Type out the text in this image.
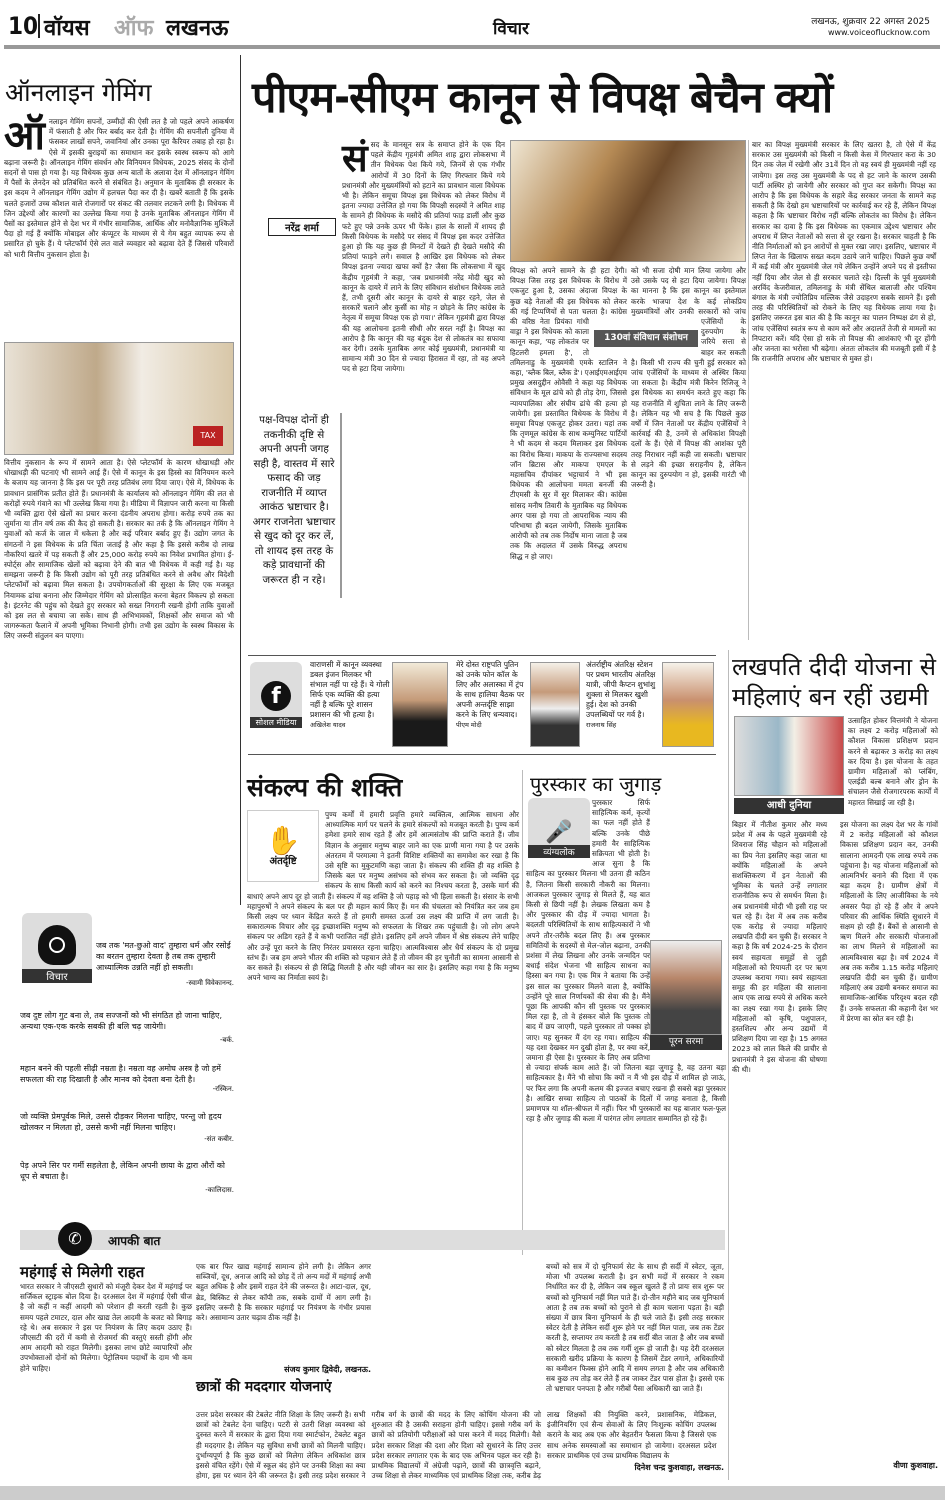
10 वॉयस ऑफ लखनऊ	विचार	लखनऊ, शुक्रवार 22 अगस्त 2025
www.voiceoflucknow.com
ऑनलाइन गेमिंग
ऑ नलाइन गेमिंग सपनों, उम्मीदों की ऐसी लत है जो पहले अपने आकर्षण में फंसाती है और फिर बर्बाद कर देती है। गेमिंग की सपनीली दुनिया में फंसकर लाखों सपने, जवानियां और उनका पूरा कैरियर तबाह हो रहा है। ऐसे में इसकी बुराइयों का समाधान कर इसके स्वस्थ स्वरूप को आगे बढ़ाना जरूरी है। ऑनलाइन गेमिंग संवर्धन और विनियमन विधेयक, 2025 संसद के दोनों सदनों से पास हो गया है। यह विधेयक कुछ अन्य बातों के अलावा देश में ऑनलाइन गेमिंग में पैसों के लेनदेन को प्रतिबंधित करने से संबंधित है। अनुमान के मुताबिक ही सरकार के इस कदम ने ऑनलाइन गेमिंग उद्योग में हलचल पैदा कर दी है। खबरें बताती हैं कि इसके चलते हजारों उच्च कौशल वाले रोजगारों पर संकट की तलवार लटकने लगी है। विधेयक में जिन उद्देश्यों और कारणों का उल्लेख किया गया है उनके मुताबिक ऑनलाइन गेमिंग में पैसों का इस्तेमाल होने से देश भर में गंभीर सामाजिक, आर्थिक और मनोवैज्ञानिक मुश्किलें पैदा हो गई हैं क्योंकि मोबाइल और कंप्यूटर के माध्यम से ये गेम बहुत व्यापक रूप से प्रसारित हो चुके हैं। ये प्लेटफॉर्म ऐसे लत वाले व्यवहार को बढ़ावा देते हैं जिससे परिवारों को भारी वित्तीय नुकसान होता है।
TAX
वित्तीय नुकसान के रूप में सामने आता है। ऐसे प्लेटफॉर्म के कारण धोखाधड़ी और धोखाधड़ी की घटनाएं भी सामने आई हैं। ऐसे में कानून के इस हिस्से का विनियमन करने के बजाय यह जानना है कि इस पर पूरी तरह प्रतिबंध लगा दिया जाए। ऐसे में, विधेयक के प्रावधान प्रासंगिक प्रतीत होते हैं। प्रधानमंत्री के कार्यालय को ऑनलाइन गेमिंग की लत से करोड़ों रुपये गंवाने का भी उल्लेख किया गया है। मीडिया में विज्ञापन जारी करना या किसी भी व्यक्ति द्वारा ऐसे खेलों का प्रचार करना दंडनीय अपराध होगा। करोड़ रुपये तक का जुर्माना या तीन वर्ष तक की कैद हो सकती है। सरकार का तर्क है कि ऑनलाइन गेमिंग ने युवाओं को कर्ज के जाल में धकेला है और कई परिवार बर्बाद हुए हैं। उद्योग जगत के संगठनों ने इस विधेयक के प्रति चिंता जताई है और कहा है कि इससे करीब दो लाख नौकरियां खतरे में पड़ सकती हैं और 25,000 करोड़ रुपये का निवेश प्रभावित होगा। ई-स्पोर्ट्स और सामाजिक खेलों को बढ़ावा देने की बात भी विधेयक में कही गई है। यह समझना जरूरी है कि किसी उद्योग को पूरी तरह प्रतिबंधित करने से अवैध और विदेशी प्लेटफॉर्मों को बढ़ावा मिल सकता है। उपयोगकर्ताओं की सुरक्षा के लिए एक मजबूत नियामक ढांचा बनाना और जिम्मेदार गेमिंग को प्रोत्साहित करना बेहतर विकल्प हो सकता है। इंटरनेट की पहुंच को देखते हुए सरकार को सख्त निगरानी रखनी होगी ताकि युवाओं को इस लत से बचाया जा सके। साथ ही अभिभावकों, शिक्षकों और समाज को भी जागरूकता फैलाने में अपनी भूमिका निभानी होगी। तभी इस उद्योग के स्वस्थ विकास के लिए जरूरी संतुलन बन पाएगा।
पीएम-सीएम कानून से विपक्ष बेचैन क्यों
नरेंद्र शर्मा
सं सद के मानसून सत्र के समाप्त होने के एक दिन पहले केंद्रीय गृहमंत्री अमित शाह द्वारा लोकसभा में तीन विधेयक पेश किये गये, जिनमें से एक गंभीर आरोपों में 30 दिनों के लिए गिरफ्तार किये गये प्रधानमंत्री और मुख्यमंत्रियों को हटाने का प्रावधान वाला विधेयक भी है। लेकिन समूचा विपक्ष इस विधेयक को लेकर विरोध में इतना ज्यादा उत्तेजित हो गया कि विपक्षी सदस्यों ने अमित शाह के सामने ही विधेयक के मसौदे की प्रतियां फाड़ डालीं और कुछ फटे हुए पन्ने उनके ऊपर भी फेंके। हाल के सालों में शायद ही किसी विधेयक के मसौदे पर संसद में विपक्ष इस कदर उत्तेजित हुआ हो कि यह कुछ ही मिनटों में देखते ही देखते मसौदे की प्रतियां फाड़ने लगे। सवाल है आखिर इस विधेयक को लेकर विपक्ष इतना ज्यादा खफा क्यों है? जैसा कि लोकसभा में खुद केंद्रीय गृहमंत्री ने कहा, 'जब प्रधानमंत्री नरेंद्र मोदी खुद को कानून के दायरे में लाने के लिए संविधान संशोधन विधेयक लाते हैं, तभी दूसरी ओर कानून के दायरे से बाहर रहने, जेल से सरकारें चलाने और कुर्सी का मोह न छोड़ने के लिए कांग्रेस के नेतृत्व में समूचा विपक्ष एक हो गया।' लेकिन गृहमंत्री द्वारा विपक्ष की यह आलोचना इतनी सीधी और सरल नहीं है। विपक्ष का आरोप है कि कानून की यह बंदूक देश से लोकतंत्र का सफाया कर देगी। उसके मुताबिक अगर कोई मुख्यमंत्री, प्रधानमंत्री या सामान्य मंत्री 30 दिन से ज्यादा हिरासत में रहा, तो वह अपने पद से हटा दिया जायेगा।
पक्ष-विपक्ष दोनों ही तकनीकी दृष्टि से अपनी अपनी जगह सही है, वास्तव में सारे फसाद की जड़ राजनीति में व्याप्त आकंठ भ्रष्टाचार है। अगर राजनेता भ्रष्टाचार से खुद को दूर कर लें, तो शायद इस तरह के कड़े प्रावधानों की जरूरत ही न रहे।
विपक्ष को अपने सामने के ही हटा देगी। विपक्ष जिस तरह इस विधेयक के विरोध में एकजुट हुआ है, उसका अंदाजा विपक्ष के कुछ बड़े नेताओं की इस विधेयक को लेकर की गई टिप्पणियों से पता चलता है। कांग्रेस की वरिष्ठ नेता प्रियंका गांधी वाड्रा ने इस विधेयक को काला कानून कहा, 'यह लोकतंत्र पर हिटलरी हमला है', तो तमिलनाडु के मुख्यमंत्री एमके स्टालिन ने कहा, 'ब्लैक बिल, ब्लैक डे'। एआईएमआईएम प्रमुख असदुद्दीन ओवैसी ने कहा यह विधेयक संविधान के मूल ढांचे को ही तोड़ देगा, जिससे न्यायपालिका और संघीय ढांचे की हत्या हो जायेगी। इस प्रस्तावित विधेयक के विरोध में समूचा विपक्ष एकजुट होकर उतरा। यहां तक कि तृणमूल कांग्रेस के साथ कम्युनिस्ट पार्टियों ने भी कदम से कदम मिलाकर इस विधेयक का विरोध किया। माकपा के राज्यसभा सदस्य जॉन ब्रिटास और माकपा एमएल के महासचिव दीपांकर भट्टाचार्य ने भी इस विधेयक की आलोचना ममता बनर्जी की टीएमसी के सुर में सुर मिलाकर की। कांग्रेस सांसद मनीष तिवारी के मुताबिक यह विधेयक अगर पास हो गया तो आपराधिक न्याय की परिभाषा ही बदल जायेगी, जिसके मुताबिक आरोपी को तब तक निर्दोष माना जाता है जब तक कि अदालत में उसके विरुद्ध अपराध सिद्ध न हो जाए।
130वां संविधान संशोधन
को भी सजा दोषी मान लिया जायेगा और उसे उसके पद से हटा दिया जायेगा। विपक्ष का मानना है कि इस कानून का इस्तेमाल करके भाजपा देश के कई लोकप्रिय मुख्यमंत्रियों और उनकी सरकारों को जांच एजेंसियों के दुरुपयोग के जरिये सत्ता से बाहर कर सकती है। किसी भी राज्य की चुनी हुई सरकार को जांच एजेंसियों के माध्यम से अस्थिर किया जा सकता है। केंद्रीय मंत्री किरेन रिजिजू ने इस विधेयक का समर्थन करते हुए कहा कि यह राजनीति में शुचिता लाने के लिए जरूरी है। लेकिन यह भी सच है कि पिछले कुछ वर्षों में जिन नेताओं पर केंद्रीय एजेंसियों ने कार्रवाई की है, उनमें से अधिकांश विपक्षी दलों के हैं। ऐसे में विपक्ष की आशंका पूरी तरह निराधार नहीं कही जा सकती। भ्रष्टाचार से लड़ने की इच्छा सराहनीय है, लेकिन कानून का दुरुपयोग न हो, इसकी गारंटी भी जरूरी है।
बार का विपक्ष मुख्यमंत्री सरकार के लिए खतरा है, तो ऐसे में केंद्र सरकार उस मुख्यमंत्री को किसी न किसी केस में गिरफ्तार करा के 30 दिन तक जेल में रखेगी और 31वें दिन तो वह स्वयं ही मुख्यमंत्री नहीं रह जायेगा। इस तरह उस मुख्यमंत्री के पद से हट जाने के कारण उसकी पार्टी अस्थिर हो जायेगी और सरकार को गुप्त कर सकेगी। विपक्ष का आरोप है कि इस विधेयक के सहारे केंद्र सरकार जनता के सामने कह सकती है कि देखो हम भ्रष्टाचारियों पर कार्रवाई कर रहे हैं, लेकिन विपक्ष कहता है कि भ्रष्टाचार विरोध नहीं बल्कि लोकतंत्र का विरोध है। लेकिन सरकार का दावा है कि इस विधेयक का एकमात्र उद्देश्य भ्रष्टाचार और अपराध में लिप्त नेताओं को सत्ता से दूर रखना है। सरकार चाहती है कि नीति निर्माताओं को इन आरोपों से मुक्त रखा जाए। इसलिए, भ्रष्टाचार में लिप्त नेता के खिलाफ सख्त कदम उठाये जाने चाहिए। पिछले कुछ वर्षों में कई मंत्री और मुख्यमंत्री जेल गये लेकिन उन्होंने अपने पद से इस्तीफा नहीं दिया और जेल से ही सरकार चलाते रहे। दिल्ली के पूर्व मुख्यमंत्री अरविंद केजरीवाल, तमिलनाडु के मंत्री सेंथिल बालाजी और पश्चिम बंगाल के मंत्री ज्योतिप्रिय मल्लिक जैसे उदाहरण सबके सामने हैं। इसी तरह की परिस्थितियों को रोकने के लिए यह विधेयक लाया गया है। इसलिए जरूरत इस बात की है कि कानून का पालन निष्पक्ष ढंग से हो, जांच एजेंसियां स्वतंत्र रूप से काम करें और अदालतें तेजी से मामलों का निपटारा करें। यदि ऐसा हो सके तो विपक्ष की आशंकाएं भी दूर होंगी और जनता का भरोसा भी बढ़ेगा। अंततः लोकतंत्र की मजबूती इसी में है कि राजनीति अपराध और भ्रष्टाचार से मुक्त हो।
f
सोशल मीडिया
वाराणसी में कानून व्यवस्था डबल इंजन मिलकर भी संभाल नहीं पा रहे हैं। ये गोली सिर्फ एक व्यक्ति की हत्या नहीं है बल्कि पूरे शासन प्रशासन की भी हत्या है। अखिलेश यादव
मेरे दोस्त राष्ट्रपति पुतिन को उनके फोन कॉल के लिए और अलास्का में ट्रंप के साथ हालिया बैठक पर अपनी अन्तर्दृष्टि साझा करने के लिए धन्यवाद। पीएम मोदी
अंतर्राष्ट्रीय अंतरिक्ष स्टेशन पर प्रथम भारतीय अंतरिक्ष यात्री, जीपी कैप्टन शुभांशु शुक्ला से मिलकर खुशी हुई। देश को उनकी उपलब्धियों पर गर्व है। राजनाथ सिंह
लखपति दीदी योजना से
महिलाएं बन रहीं उद्यमी
आधी दुनिया
उत्साहित होकर वित्तमंत्री ने योजना का लक्ष्य 2 करोड़ महिलाओं को कौशल विकास प्रशिक्षण प्रदान करने से बढ़ाकर 3 करोड़ का लक्ष्य कर दिया है। इस योजना के तहत ग्रामीण महिलाओं को प्लंबिंग, एलईडी बल्ब बनाने और ड्रोन के संचालन जैसे रोजगारपरक कार्यों में महारत सिखाई जा रही है।
बिहार में नीतीश कुमार और मध्य प्रदेश में अब के पहले मुख्यमंत्री रहे शिवराज सिंह चौहान को महिलाओं का प्रिय नेता इसलिए कहा जाता था क्योंकि महिलाओं के अपने सशक्तिकरण में इन नेताओं की भूमिका के चलते उन्हें लगातार राजनीतिक रूप से समर्थन मिला है। अब प्रधानमंत्री मोदी भी इसी राह पर चल रहे हैं। देश में अब तक करीब एक करोड़ से ज्यादा महिलाएं लखपति दीदी बन चुकी हैं। सरकार ने कहा है कि वर्ष 2024-25 के दौरान स्वयं सहायता समूहों से जुड़ी महिलाओं को रियायती दर पर ऋण उपलब्ध कराया गया। स्वयं सहायता समूह की हर महिला की सालाना आय एक लाख रुपये से अधिक करने का लक्ष्य रखा गया है। इसके लिए महिलाओं को कृषि, पशुपालन, हस्तशिल्प और अन्य उद्यमों में प्रशिक्षण दिया जा रहा है। 15 अगस्त 2023 को लाल किले की प्राचीर से प्रधानमंत्री ने इस योजना की घोषणा की थी।
इस योजना का लक्ष्य देश भर के गांवों में 2 करोड़ महिलाओं को कौशल विकास प्रशिक्षण प्रदान कर, उनकी सालाना आमदनी एक लाख रुपये तक पहुंचाना है। यह योजना महिलाओं को आत्मनिर्भर बनाने की दिशा में एक बड़ा कदम है। ग्रामीण क्षेत्रों में महिलाओं के लिए आजीविका के नये अवसर पैदा हो रहे हैं और वे अपने परिवार की आर्थिक स्थिति सुधारने में सक्षम हो रही हैं। बैंकों से आसानी से ऋण मिलने और सरकारी योजनाओं का लाभ मिलने से महिलाओं का आत्मविश्वास बढ़ा है। वर्ष 2024 में अब तक करीब 1.15 करोड़ महिलाएं लखपति दीदी बन चुकी हैं। ग्रामीण महिलाएं अब उद्यमी बनकर समाज का सामाजिक-आर्थिक परिदृश्य बदल रही हैं। उनके सफलता की कहानी देश भर में प्रेरणा का स्रोत बन रही है।
वीणा कुशवाहा.
संकल्प की शक्ति
✋
अंतर्दृष्टि
पुण्य कर्मों में हमारी प्रवृत्ति हमारे व्यक्तित्व, आत्मिक साधना और आध्यात्मिक मार्ग पर चलने के हमारे संकल्पों को मजबूत करती है। पुण्य कर्म हमेशा हमारे साथ रहते हैं और हमें आत्मसंतोष की प्राप्ति कराते हैं। जीव विज्ञान के अनुसार मनुष्य बाहर जाने का एक प्राणी माना गया है पर उसके अंतरतम में परमात्मा ने इतनी विशिष्ट शक्तियों का समावेश कर रखा है कि उसे सृष्टि का मुकुटमणि कहा जाता है। संकल्प की शक्ति ही वह शक्ति है जिसके बल पर मनुष्य असंभव को संभव कर सकता है। जो व्यक्ति दृढ़ संकल्प के साथ किसी कार्य को करने का निश्चय करता है, उसके मार्ग की बाधाएं अपने आप दूर हो जाती हैं। संकल्प में वह शक्ति है जो पहाड़ को भी हिला सकती है। संसार के सभी महापुरुषों ने अपने संकल्प के बल पर ही महान कार्य किए हैं। मन की चंचलता को नियंत्रित कर जब हम किसी लक्ष्य पर ध्यान केंद्रित करते हैं तो हमारी समस्त ऊर्जा उस लक्ष्य की प्राप्ति में लग जाती है। सकारात्मक विचार और दृढ़ इच्छाशक्ति मनुष्य को सफलता के शिखर तक पहुंचाती है। जो लोग अपने संकल्प पर अडिग रहते हैं वे कभी पराजित नहीं होते। इसलिए हमें अपने जीवन में श्रेष्ठ संकल्प लेने चाहिए और उन्हें पूरा करने के लिए निरंतर प्रयासरत रहना चाहिए। आत्मविश्वास और धैर्य संकल्प के दो प्रमुख स्तंभ हैं। जब हम अपने भीतर की शक्ति को पहचान लेते हैं तो जीवन की हर चुनौती का सामना आसानी से कर सकते हैं। संकल्प से ही सिद्धि मिलती है और यही जीवन का सार है। इसलिए कहा गया है कि मनुष्य अपने भाग्य का निर्माता स्वयं है।
पुरस्कार का जुगाड़
🎤
व्यंग्यलोक
पुरस्कार सिर्फ साहित्यिक कर्म, कृत्यों का फल नहीं होते हैं बल्कि उनके पीछे हमारी वैर साहित्यिक सक्रियता भी होती है। आज सुना है कि साहित्य का पुरस्कार मिलना भी उतना ही कठिन है, जितना किसी सरकारी नौकरी का मिलना। आजकल पुरस्कार जुगाड़ से मिलते हैं, यह बात किसी से छिपी नहीं है। लेखक लिखता कम है और पुरस्कार की दौड़ में ज्यादा भागता है। बदलती परिस्थितियों के साथ साहित्यकारों ने भी अपने तौर-तरीके बदल लिए हैं। अब पुरस्कार समितियों के सदस्यों से मेल-जोल बढ़ाना, उनकी प्रशंसा में लेख लिखना और उनके जन्मदिन पर बधाई संदेश भेजना भी साहित्य साधना का हिस्सा बन गया है। एक मित्र ने बताया कि उन्हें इस साल का पुरस्कार मिलने वाला है, क्योंकि उन्होंने पूरे साल निर्णायकों की सेवा की है। मैंने पूछा कि आपकी कौन सी पुस्तक पर पुरस्कार मिल रहा है, तो वे हंसकर बोले कि पुस्तक तो बाद में छप जाएगी, पहले पुरस्कार तो पक्का हो जाए। यह सुनकर मैं दंग रह गया। साहित्य की यह दशा देखकर मन दुखी होता है, पर क्या करें, जमाना ही ऐसा है। पुरस्कार के लिए अब प्रतिभा से ज्यादा संपर्क काम आते हैं। जो जितना बड़ा जुगाड़ू है, वह उतना बड़ा साहित्यकार है। मैंने भी सोचा कि क्यों न मैं भी इस दौड़ में शामिल हो जाऊं, पर फिर लगा कि अपनी कलम की इज्जत बचाए रखना ही सबसे बड़ा पुरस्कार है। आखिर सच्चा साहित्य तो पाठकों के दिलों में जगह बनाता है, किसी प्रमाणपत्र या शॉल-श्रीफल में नहीं। फिर भी पुरस्कारों का यह बाजार फल-फूल रहा है और जुगाड़ की कला में पारंगत लोग लगातार सम्मानित हो रहे हैं।
पूरन सरमा
विचार
जब तक 'मत-छुओ वाद' तुम्हारा धर्म और रसोई का बरतन तुम्हारा देवता है तब तक तुम्हारी आध्यात्मिक उन्नति नहीं हो सकती।
-स्वामी विवेकानन्द.
जब दुष्ट लोग गुट बना ले, तब सज्जनों को भी संगठित हो जाना चाहिए, अन्यथा एक-एक करके सबकी ही बलि चढ़ जायेगी।
-बर्क.
महान बनने की पहली सीढ़ी नम्रता है। नम्रता वह अमोघ अस्त्र है जो हमें सफलता की राह दिखाती है और मानव को देवता बना देती है।
-रस्किन.
जो व्यक्ति प्रेमपूर्वक मिले, उससे दौड़कर मिलना चाहिए, परन्तु जो हृदय खोलकर न मिलता हो, उससे कभी नहीं मिलना चाहिए।
-संत कबीर.
पेड़ अपने सिर पर गर्मी सहलेता है, लेकिन अपनी छाया के द्वारा औरों को धूप से बचाता है।
-कालिदास.
✆	आपकी बात
महंगाई से मिलेगी राहत
भारत सरकार ने जीएसटी सुधारों को मंजूरी देकर देश में महंगाई पर सर्जिकल स्ट्राइक बोल दिया है। दरअसल देश में महंगाई ऐसी चीज है जो कहीं न कहीं आदमी को परेशान ही करती रहती है। कुछ समय पहले टमाटर, दाल और खाद्य तेल आदमी के बजट को बिगाड़ रहे थे। अब सरकार ने इस पर नियंत्रण के लिए कदम उठाए हैं। जीएसटी की दरों में कमी से रोजमर्रा की वस्तुएं सस्ती होंगी और आम आदमी को राहत मिलेगी। इसका लाभ छोटे व्यापारियों और उपभोक्ताओं दोनों को मिलेगा। पेट्रोलियम पदार्थों के दाम भी कम होने चाहिए।
एक बार फिर खाद्य महंगाई सामान्य होने लगी है। लेकिन अगर सब्जियों, दूध, अनाज आदि को छोड़ दें तो अन्य मदों में महंगाई अभी बहुत अधिक है और इसमें राहत देने की जरूरत है। आटा-दाल, दूध, ब्रेड, बिस्किट से लेकर कॉपी तक, सबके दामों में आग लगी है। इसलिए जरूरी है कि सरकार महंगाई पर नियंत्रण के गंभीर प्रयास करे। असामान्य उतार चढ़ाव ठीक नहीं है।
संजय कुमार द्विवेदी, लखनऊ.
छात्रों की मददगार योजनाएं
उत्तर प्रदेश सरकार की टेबलेट नीति शिक्षा के लिए जरूरी है। सभी छात्रों को टेबलेट देना चाहिए। पटरी से उतरी शिक्षा व्यवस्था को दुरुस्त करने में सरकार के द्वारा दिया गया स्मार्टफोन, टेबलेट बहुत ही मददगार है। लेकिन यह सुविधा सभी छात्रों को मिलनी चाहिए। दुर्भाग्यपूर्ण है कि कुछ छात्रों को मिलेगा लेकिन अधिकांश छात्र इससे वंचित रहेंगे। ऐसे में स्कूल बंद होने पर उनकी शिक्षा का क्या होगा, इस पर ध्यान देने की जरूरत है। इसी तरह प्रदेश सरकार ने गरीब वर्ग के छात्रों की मदद के लिए कोचिंग योजना की जो शुरुआत की है उसकी सराहना होनी चाहिए। इससे गरीब वर्ग के छात्रों को प्रतियोगी परीक्षाओं को पास करने में मदद मिलेगी। वैसे प्रदेश सरकार शिक्षा की दशा और दिशा को सुधारने के लिए उत्तर प्रदेश सरकार लगातार एक के बाद एक अभिनव पहल कर रही है। प्राथमिक विद्यालयों में अंग्रेजी पढ़ाने, छात्रों की छात्रवृत्ति बढ़ाने, उच्च शिक्षा से लेकर माध्यमिक एवं प्राथमिक शिक्षा तक, करीब डेढ़ लाख शिक्षकों की नियुक्ति करने, प्रशासनिक, मेडिकल, इंजीनियरिंग एवं सैन्य सेवाओं के लिए निःशुल्क कोचिंग उपलब्ध कराने के बाद अब एक और बेहतरीन फैसला किया है जिससे एक साथ अनेक समस्याओं का समाधान हो जायेगा। दरअसल प्रदेश सरकार प्राथमिक एवं उच्च प्राथमिक विद्यालय के
बच्चों को सत्र में दो यूनिफार्म सेट के साथ ही सर्दी में स्वेटर, जूता, मोजा भी उपलब्ध कराती है। इन सभी मदों में सरकार ने रकम निर्धारित कर दी है, लेकिन जब स्कूल खुलते हैं तो प्रायः सत्र शुरू पर बच्चों को यूनिफार्म नहीं मिल पाते हैं। दो-तीन महीने बाद जब यूनिफार्म आता है तब तक बच्चों को पुराने से ही काम चलाना पड़ता है। बड़ी संख्या में छात्र बिना यूनिफार्म के ही चले जाते हैं। इसी तरह सरकार स्वेटर देती है लेकिन सर्दी शुरू होने पर नहीं मिल पाता, जब तक टेंडर करती है, सप्लायर तय करती है तब सर्दी बीत जाता है और जब बच्चों को स्वेटर मिलता है तब तक गर्मी शुरू हो जाती है। यह देरी दरअसल सरकारी खरीद प्रक्रिया के कारण है जिसमें टेंडर लगाने, अधिकारियों का कमीशन फिक्स होने आदि में समय लगता है और जब अधिकारी सब कुछ तय तोड़ कर लेते हैं तब जाकर टेंडर पास होता है। इससे एक तो भ्रष्टाचार पनपता है और गरीबों पैसा अधिकारी खा जाते हैं।
दिनेश चन्द्र कुशवाहा, लखनऊ.
